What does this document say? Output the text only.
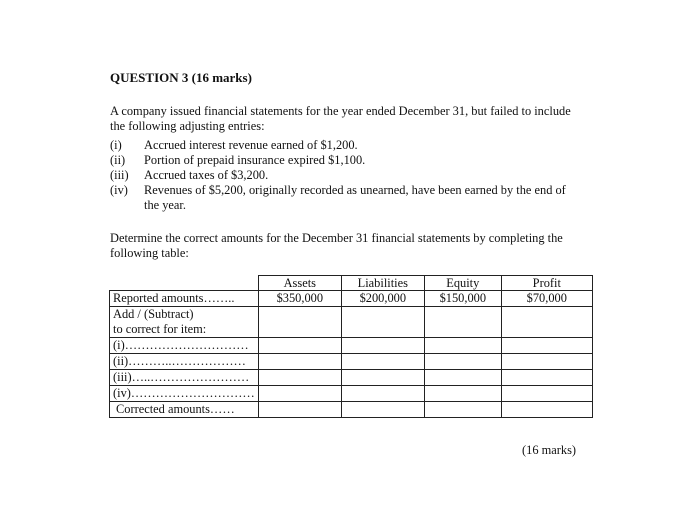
QUESTION 3 (16 marks)

A company issued financial statements for the year ended December 31, but failed to include

the following adjusting entries:

(i)	Accrued interest revenue earned of $1,200.
(ii)	Portion of prepaid insurance expired $1,100.
(iii)	Accrued taxes of $3,200.
(iv)	Revenues of $5,200, originally recorded as unearned, have been earned by the end of
the year.

Determine the correct amounts for the December 31 financial statements by completing the

following table:

	Assets	Liabilities	Equity	Profit
Reported amounts……..	$350,000	$200,000	$150,000	$70,000

Add / (Subtract)
to correct for item:				

(i)…………………………				
(ii)………..………………				
(iii)…..……………………				
(iv)…………………………				
Corrected amounts……				
(16 marks)
